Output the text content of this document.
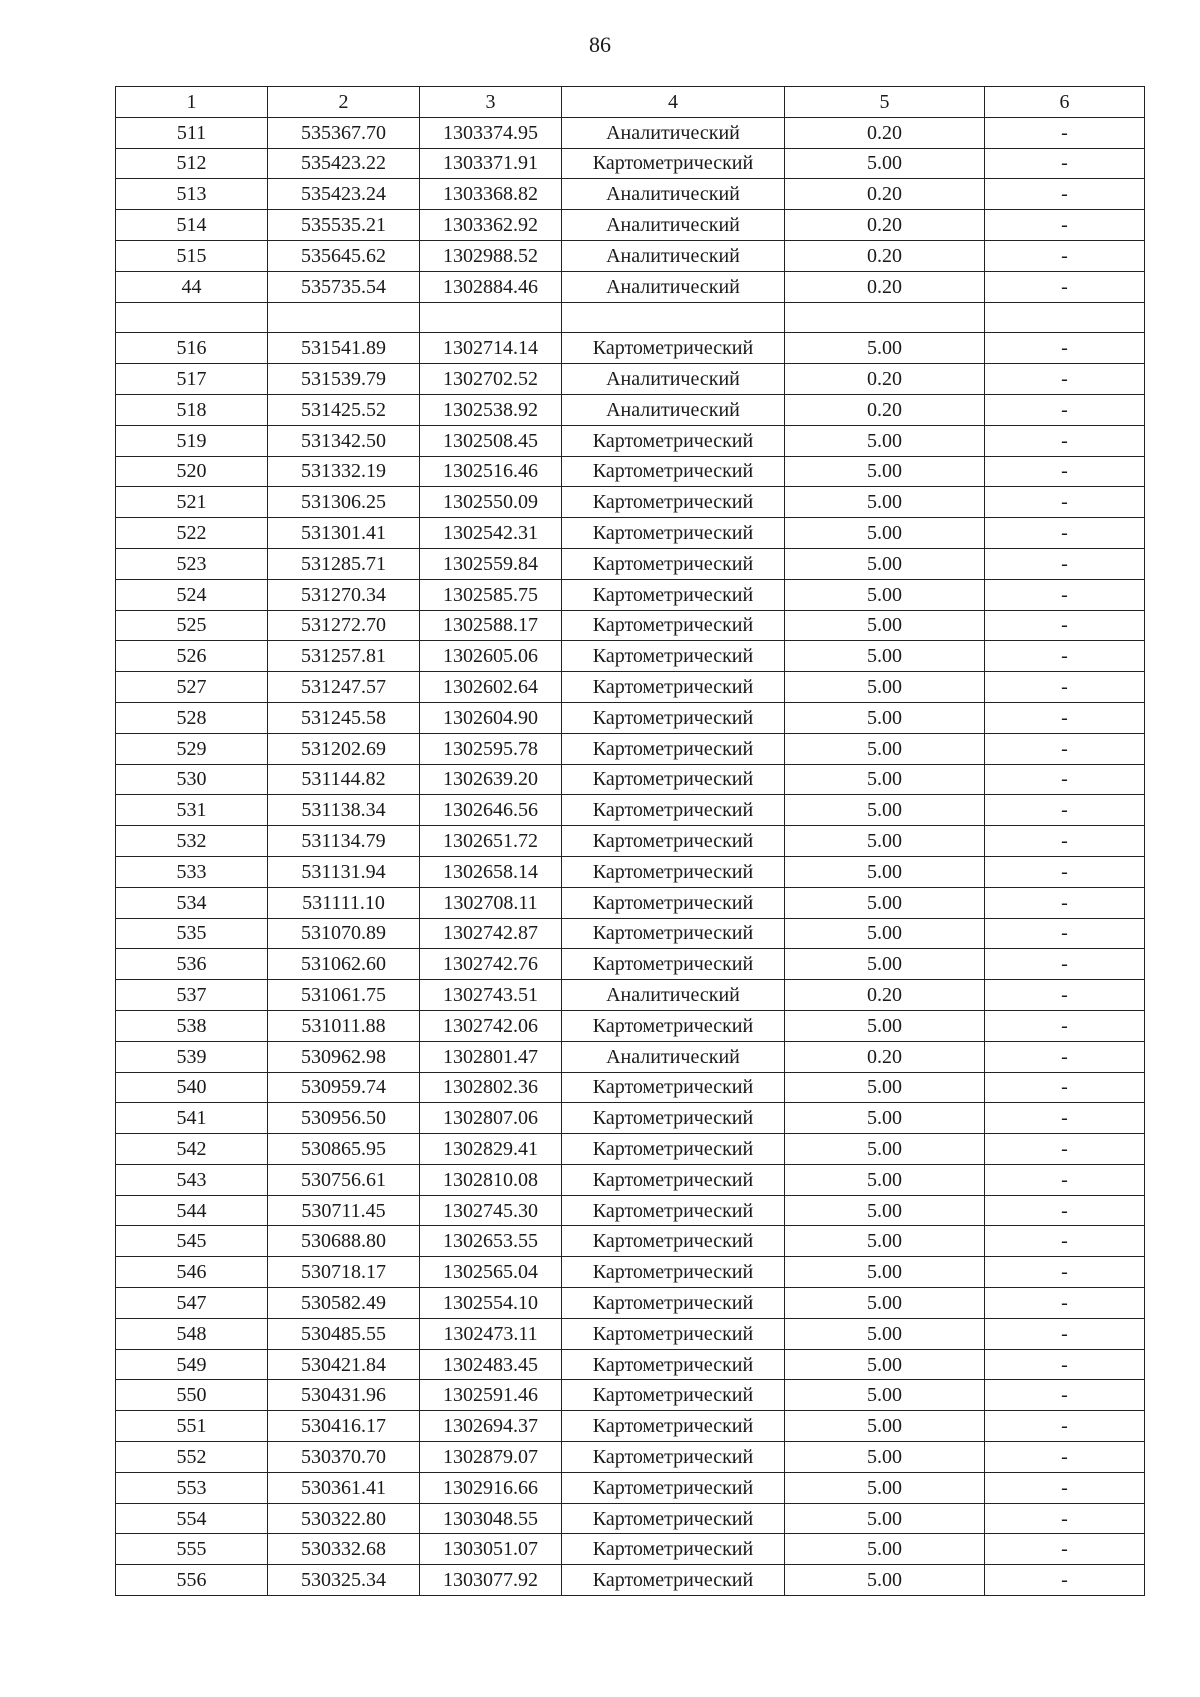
86
1	2	3	4	5	6
511	535367.70	1303374.95	Аналитический	0.20	-
512	535423.22	1303371.91	Картометрический	5.00	-
513	535423.24	1303368.82	Аналитический	0.20	-
514	535535.21	1303362.92	Аналитический	0.20	-
515	535645.62	1302988.52	Аналитический	0.20	-
44	535735.54	1302884.46	Аналитический	0.20	-

516	531541.89	1302714.14	Картометрический	5.00	-
517	531539.79	1302702.52	Аналитический	0.20	-
518	531425.52	1302538.92	Аналитический	0.20	-
519	531342.50	1302508.45	Картометрический	5.00	-
520	531332.19	1302516.46	Картометрический	5.00	-
521	531306.25	1302550.09	Картометрический	5.00	-
522	531301.41	1302542.31	Картометрический	5.00	-
523	531285.71	1302559.84	Картометрический	5.00	-
524	531270.34	1302585.75	Картометрический	5.00	-
525	531272.70	1302588.17	Картометрический	5.00	-
526	531257.81	1302605.06	Картометрический	5.00	-
527	531247.57	1302602.64	Картометрический	5.00	-
528	531245.58	1302604.90	Картометрический	5.00	-
529	531202.69	1302595.78	Картометрический	5.00	-
530	531144.82	1302639.20	Картометрический	5.00	-
531	531138.34	1302646.56	Картометрический	5.00	-
532	531134.79	1302651.72	Картометрический	5.00	-
533	531131.94	1302658.14	Картометрический	5.00	-
534	531111.10	1302708.11	Картометрический	5.00	-
535	531070.89	1302742.87	Картометрический	5.00	-
536	531062.60	1302742.76	Картометрический	5.00	-
537	531061.75	1302743.51	Аналитический	0.20	-
538	531011.88	1302742.06	Картометрический	5.00	-
539	530962.98	1302801.47	Аналитический	0.20	-
540	530959.74	1302802.36	Картометрический	5.00	-
541	530956.50	1302807.06	Картометрический	5.00	-
542	530865.95	1302829.41	Картометрический	5.00	-
543	530756.61	1302810.08	Картометрический	5.00	-
544	530711.45	1302745.30	Картометрический	5.00	-
545	530688.80	1302653.55	Картометрический	5.00	-
546	530718.17	1302565.04	Картометрический	5.00	-
547	530582.49	1302554.10	Картометрический	5.00	-
548	530485.55	1302473.11	Картометрический	5.00	-
549	530421.84	1302483.45	Картометрический	5.00	-
550	530431.96	1302591.46	Картометрический	5.00	-
551	530416.17	1302694.37	Картометрический	5.00	-
552	530370.70	1302879.07	Картометрический	5.00	-
553	530361.41	1302916.66	Картометрический	5.00	-
554	530322.80	1303048.55	Картометрический	5.00	-
555	530332.68	1303051.07	Картометрический	5.00	-
556	530325.34	1303077.92	Картометрический	5.00	-
